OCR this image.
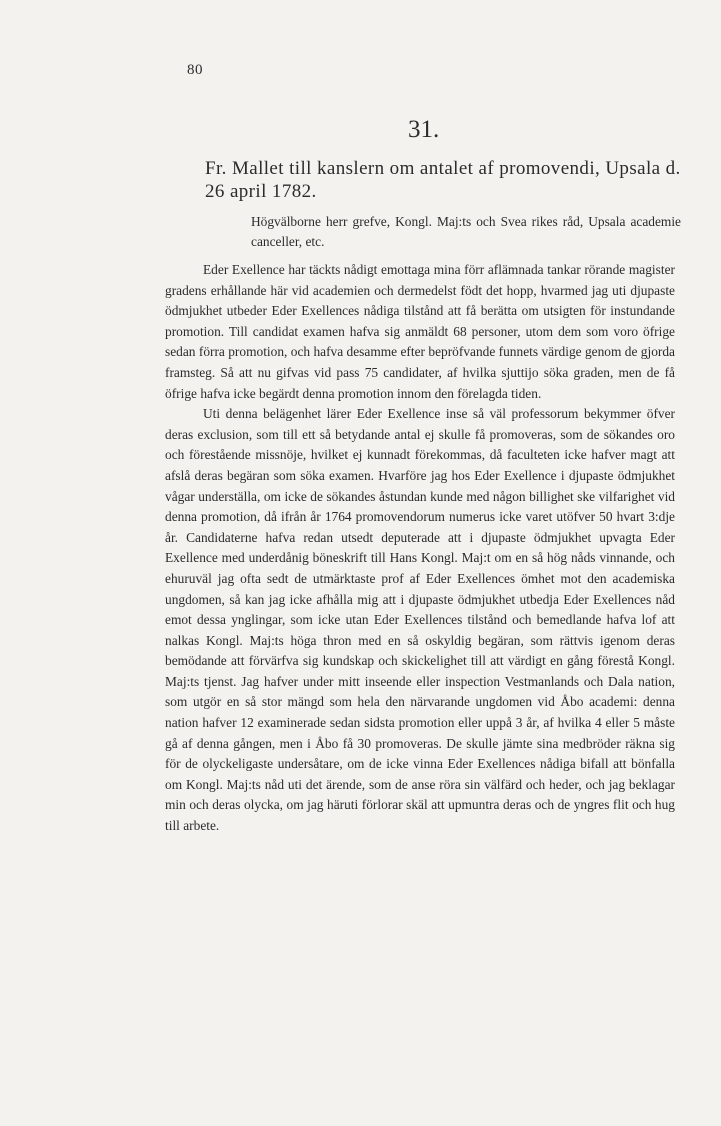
80
31.
Fr. Mallet till kanslern om antalet af promovendi, Upsala d. 26 april 1782.

Högvälborne herr grefve, Kongl. Maj:ts och Svea rikes råd, Upsala academie canceller, etc.

Eder Exellence har täckts nådigt emottaga mina förr aflämnada tankar rörande magister gradens erhållande här vid academien och dermedelst födt det hopp, hvarmed jag uti djupaste ödmjukhet utbeder Eder Exellences nådiga tilstånd att få berätta om utsigten för instundande promotion. Till candidat examen hafva sig anmäldt 68 personer, utom dem som voro öfrige sedan förra promotion, och hafva desamme efter bepröfvande funnets värdige genom de gjorda framsteg. Så att nu gifvas vid pass 75 candidater, af hvilka sjuttijo söka graden, men de få öfrige hafva icke begärdt denna promotion innom den förelagda tiden.

Uti denna belägenhet lärer Eder Exellence inse så väl professorum bekymmer öfver deras exclusion, som till ett så betydande antal ej skulle få promoveras, som de sökandes oro och förestående missnöje, hvilket ej kunnadt förekommas, då faculteten icke hafver magt att afslå deras begäran som söka examen. Hvarföre jag hos Eder Exellence i djupaste ödmjukhet vågar underställa, om icke de sökandes åstundan kunde med någon billighet ske vilfarighet vid denna promotion, då ifrån år 1764 promovendorum numerus icke varet utöfver 50 hvart 3:dje år. Candidaterne hafva redan utsedt deputerade att i djupaste ödmjukhet upvagta Eder Exellence med underdånig böneskrift till Hans Kongl. Maj:t om en så hög nåds vinnande, och ehuruväl jag ofta sedt de utmärktaste prof af Eder Exellences ömhet mot den academiska ungdomen, så kan jag icke afhålla mig att i djupaste ödmjukhet utbedja Eder Exellences nåd emot dessa ynglingar, som icke utan Eder Exellences tilstånd och bemedlande hafva lof att nalkas Kongl. Maj:ts höga thron med en så oskyldig begäran, som rättvis igenom deras bemödande att förvärfva sig kundskap och skickelighet till att värdigt en gång förestå Kongl. Maj:ts tjenst. Jag hafver under mitt inseende eller inspection Vestmanlands och Dala nation, som utgör en så stor mängd som hela den närvarande ungdomen vid Åbo academi: denna nation hafver 12 examinerade sedan sidsta promotion eller uppå 3 år, af hvilka 4 eller 5 måste gå af denna gången, men i Åbo få 30 promoveras. De skulle jämte sina medbröder räkna sig för de olyckeligaste undersåtare, om de icke vinna Eder Exellences nådiga bifall att bönfalla om Kongl. Maj:ts nåd uti det ärende, som de anse röra sin välfärd och heder, och jag beklagar min och deras olycka, om jag häruti förlorar skäl att upmuntra deras och de yngres flit och hug till arbete.
